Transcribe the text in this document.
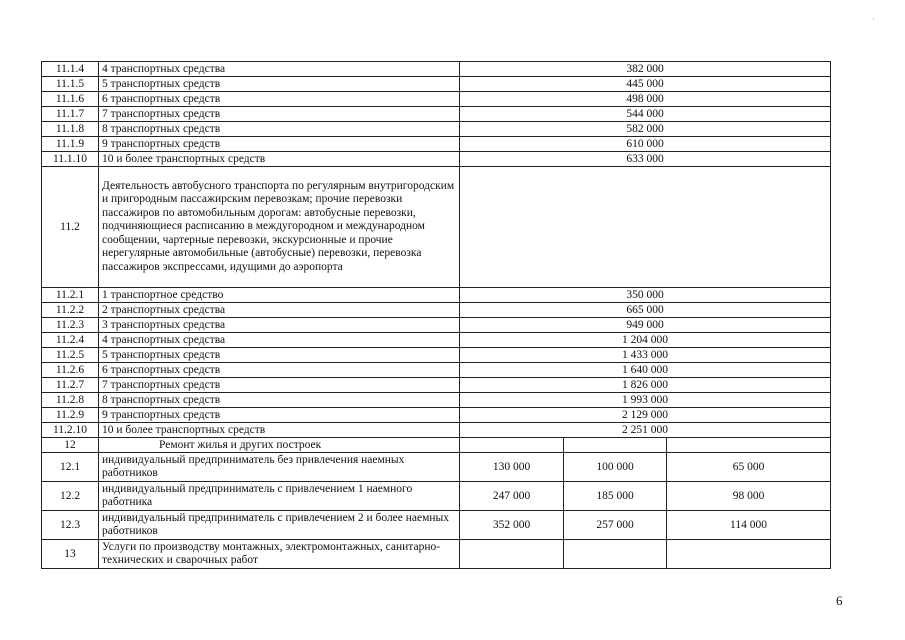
·
11.1.4	4 транспортных средства	382 000		
11.1.5	5 транспортных средств	445 000		
11.1.6	6 транспортных средств	498 000		
11.1.7	7 транспортных средств	544 000		
11.1.8	8 транспортных средств	582 000		
11.1.9	9 транспортных средств	610 000		
11.1.10	10 и более транспортных средств	633 000		
11.2	Деятельность автобусного транспорта по регулярным внутригородским и пригородным пассажирским перевозкам; прочие перевозки пассажиров по автомобильным дорогам: автобусные перевозки, подчиняющиеся расписанию в междугородном и международном сообщении, чартерные перевозки, экскурсионные и прочие нерегулярные автомобильные (автобусные) перевозки, перевозка пассажиров экспрессами, идущими до аэропорта			
11.2.1	1 транспортное средство	350 000		
11.2.2	2 транспортных средства	665 000		
11.2.3	3 транспортных средства	949 000		
11.2.4	4 транспортных средства	1 204 000		
11.2.5	5 транспортных средств	1 433 000		
11.2.6	6 транспортных средств	1 640 000		
11.2.7	7 транспортных средств	1 826 000		
11.2.8	8 транспортных средств	1 993 000		
11.2.9	9 транспортных средств	2 129 000		
11.2.10	10 и более транспортных средств	2 251 000		
12	Ремонт жилья и других построек			
12.1	индивидуальный предприниматель без привлечения наемных работников	130 000	100 000	65 000
12.2	индивидуальный предприниматель с привлечением 1 наемного работника	247 000	185 000	98 000
12.3	индивидуальный предприниматель с привлечением 2 и более наемных работников	352 000	257 000	114 000
13	Услуги по производству монтажных, электромонтажных, санитарно-технических и сварочных работ			
6
